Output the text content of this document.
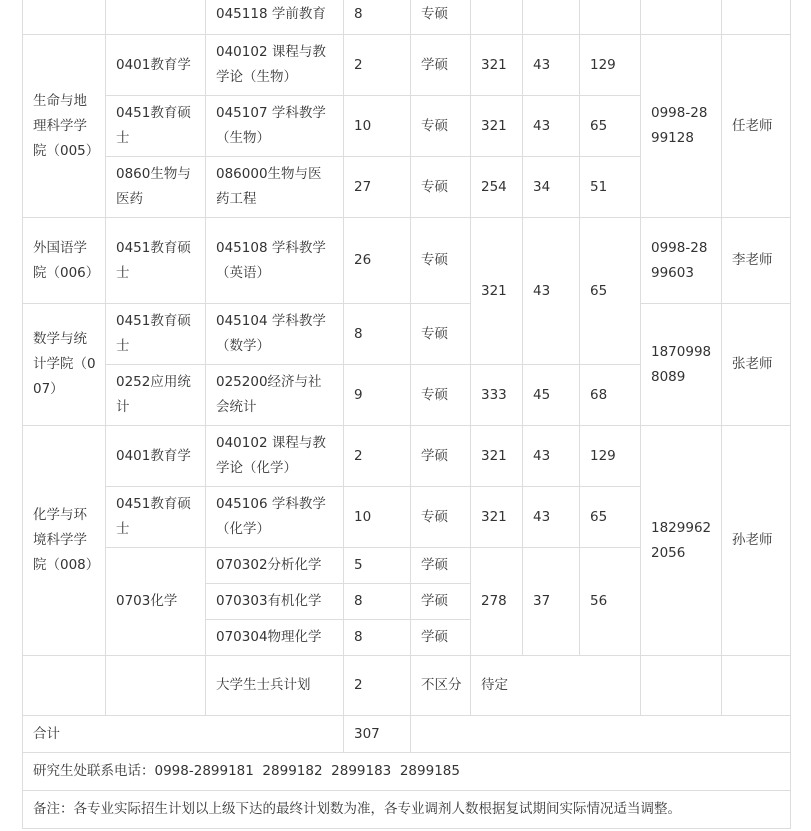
		045118 学前教育	8	专硕					
生命与地理科学学院（005）	0401教育学	040102 课程与教学论（生物）	2	学硕	321	43	129	0998-2899128	任老师
	0451教育硕士	045107 学科教学（生物）	10	专硕	321	43	65		
	0860生物与医药	086000生物与医药工程	27	专硕	254	34	51		
外国语学院（006）	0451教育硕士	045108 学科教学（英语）	26	专硕	321	43	65	0998-2899603	李老师
数学与统计学院（007）	0451教育硕士	045104 学科教学（数学）	8	专硕				18709988089	张老师
	0252应用统计	025200经济与社会统计	9	专硕	333	45	68		
化学与环境科学学院（008）	0401教育学	040102 课程与教学论（化学）	2	学硕	321	43	129	18299622056	孙老师
	0451教育硕士	045106 学科教学（化学）	10	专硕	321	43	65		
	0703化学	070302分析化学	5	学硕	278	37	56		
		070303有机化学	8	学硕					
		070304物理化学	8	学硕					
		大学生士兵计划	2	不区分	待定				
合计			307						
研究生处联系电话：0998-2899181  2899182  2899183  2899185									
备注：各专业实际招生计划以上级下达的最终计划数为准，各专业调剂人数根据复试期间实际情况适当调整。									
